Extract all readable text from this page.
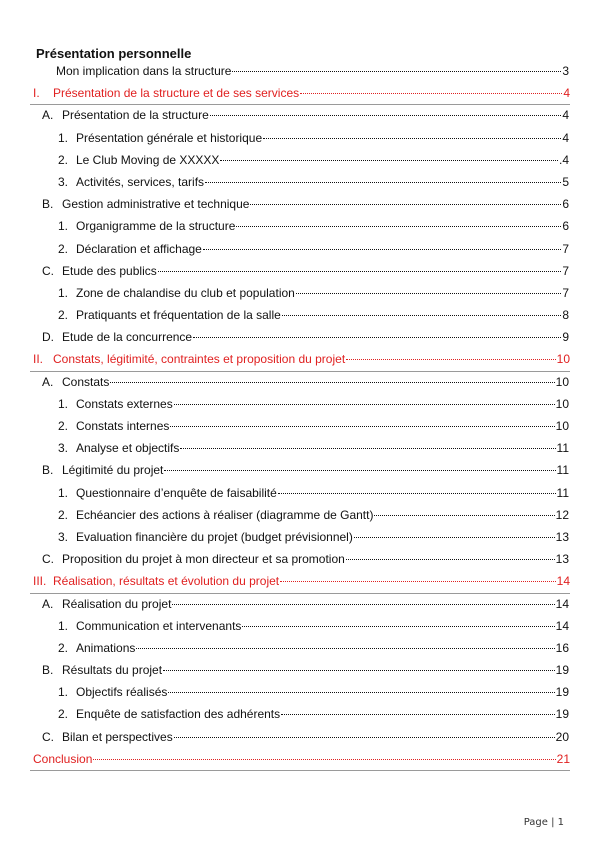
Présentation personnelle
Mon implication dans la structure	3
I.	Présentation de la structure et de ses services	4
A. Présentation de la structure	4
1. Présentation générale et historique	4
2. Le Club Moving de XXXXX	.4
3. Activités, services, tarifs	5
B. Gestion administrative et technique	6
1. Organigramme de la structure	6
2. Déclaration et affichage	7
C. Etude des publics	7
1. Zone de chalandise du club et population	7
2. Pratiquants et fréquentation de la salle	8
D. Etude de la concurrence	9
II. Constats, légitimité, contraintes et proposition du projet	10
A. Constats	10
1. Constats externes	10
2. Constats internes	10
3. Analyse et objectifs	11
B. Légitimité du projet	11
1. Questionnaire d’enquête de faisabilité	11
2. Echéancier des actions à réaliser (diagramme de Gantt)	12
3. Evaluation financière du projet (budget prévisionnel)	13
C. Proposition du projet à mon directeur et sa promotion	13
III. Réalisation, résultats et évolution du projet	14
A. Réalisation du projet	14
1. Communication et intervenants	14
2. Animations	16
B. Résultats du projet	19
1. Objectifs réalisés	19
2. Enquête de satisfaction des adhérents	19
C. Bilan et perspectives	20
Conclusion	21
Page | 1
